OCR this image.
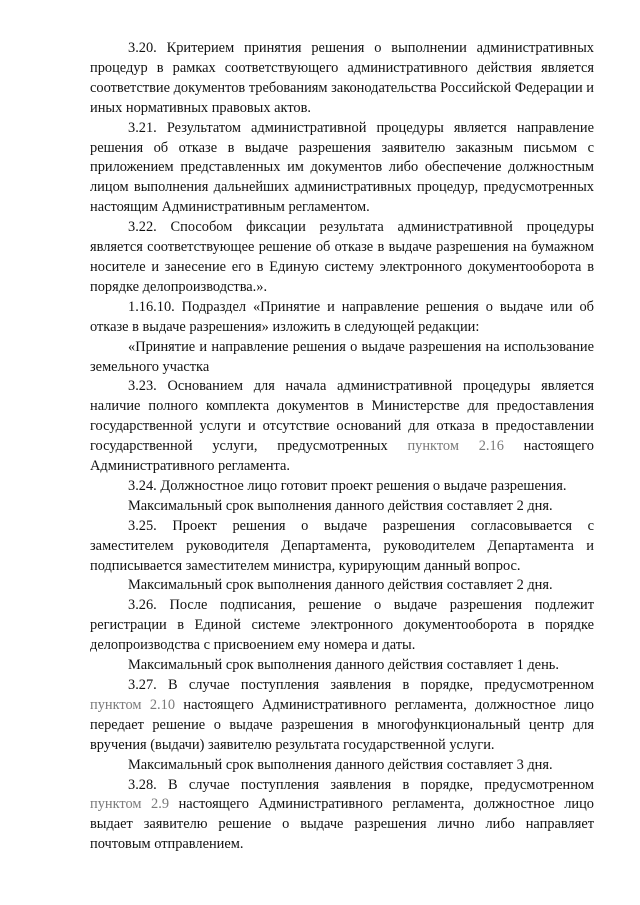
3.20. Критерием принятия решения о выполнении административных процедур в рамках соответствующего административного действия является соответствие документов требованиям законодательства Российской Федерации и иных нормативных правовых актов.

3.21. Результатом административной процедуры является направление решения об отказе в выдаче разрешения заявителю заказным письмом с приложением представленных им документов либо обеспечение должностным лицом выполнения дальнейших административных процедур, предусмотренных настоящим Административным регламентом.

3.22. Способом фиксации результата административной процедуры является соответствующее решение об отказе в выдаче разрешения на бумажном носителе и занесение его в Единую систему электронного документооборота в порядке делопроизводства.».

1.16.10. Подраздел «Принятие и направление решения о выдаче или об отказе в выдаче разрешения» изложить в следующей редакции:

«Принятие и направление решения о выдаче разрешения на использование земельного участка

3.23. Основанием для начала административной процедуры является наличие полного комплекта документов в Министерстве для предоставления государственной услуги и отсутствие оснований для отказа в предоставлении государственной услуги, предусмотренных пунктом 2.16 настоящего Административного регламента.

3.24. Должностное лицо готовит проект решения о выдаче разрешения.

Максимальный срок выполнения данного действия составляет 2 дня.

3.25. Проект решения о выдаче разрешения согласовывается с заместителем руководителя Департамента, руководителем Департамента и подписывается заместителем министра, курирующим данный вопрос.

Максимальный срок выполнения данного действия составляет 2 дня.

3.26. После подписания, решение о выдаче разрешения подлежит регистрации в Единой системе электронного документооборота в порядке делопроизводства с присвоением ему номера и даты.

Максимальный срок выполнения данного действия составляет 1 день.

3.27. В случае поступления заявления в порядке, предусмотренном пунктом 2.10 настоящего Административного регламента, должностное лицо передает решение о выдаче разрешения в многофункциональный центр для вручения (выдачи) заявителю результата государственной услуги.

Максимальный срок выполнения данного действия составляет 3 дня.

3.28. В случае поступления заявления в порядке, предусмотренном пунктом 2.9 настоящего Административного регламента, должностное лицо выдает заявителю решение о выдаче разрешения лично либо направляет почтовым отправлением.
